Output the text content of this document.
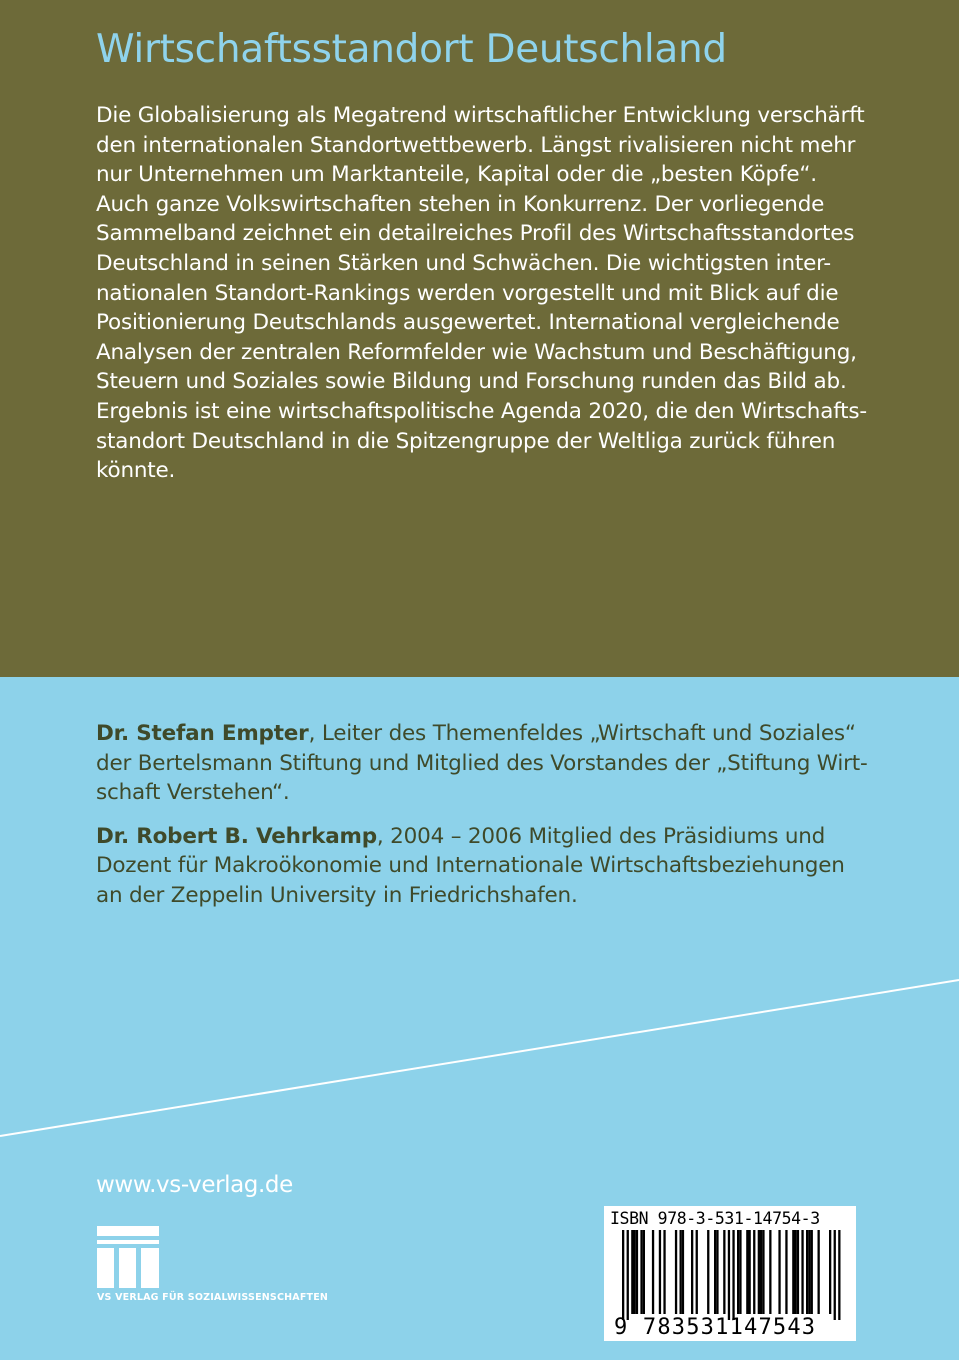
Wirtschaftsstandort Deutschland
Die Globalisierung als Megatrend wirtschaftlicher Entwicklung verschärft
den internationalen Standortwettbewerb. Längst rivalisieren nicht mehr
nur Unternehmen um Marktanteile, Kapital oder die „besten Köpfe“.
Auch ganze Volkswirtschaften stehen in Konkurrenz. Der vorliegende
Sammelband zeichnet ein detailreiches Profil des Wirtschaftsstandortes
Deutschland in seinen Stärken und Schwächen. Die wichtigsten inter-
nationalen Standort-Rankings werden vorgestellt und mit Blick auf die
Positionierung Deutschlands ausgewertet. International vergleichende
Analysen der zentralen Reformfelder wie Wachstum und Beschäftigung,
Steuern und Soziales sowie Bildung und Forschung runden das Bild ab.
Ergebnis ist eine wirtschaftspolitische Agenda 2020, die den Wirtschafts-
standort Deutschland in die Spitzengruppe der Weltliga zurück führen
könnte.
Dr. Stefan Empter, Leiter des Themenfeldes „Wirtschaft und Soziales“
der Bertelsmann Stiftung und Mitglied des Vorstandes der „Stiftung Wirt-
schaft Verstehen“.
Dr. Robert B. Vehrkamp, 2004 – 2006 Mitglied des Präsidiums und
Dozent für Makroökonomie und Internationale Wirtschaftsbeziehungen
an der Zeppelin University in Friedrichshafen.
www.vs-verlag.de
VS VERLAG FÜR SOZIALWISSENSCHAFTEN
ISBN 978-3-531-14754-3
9 783531147543
